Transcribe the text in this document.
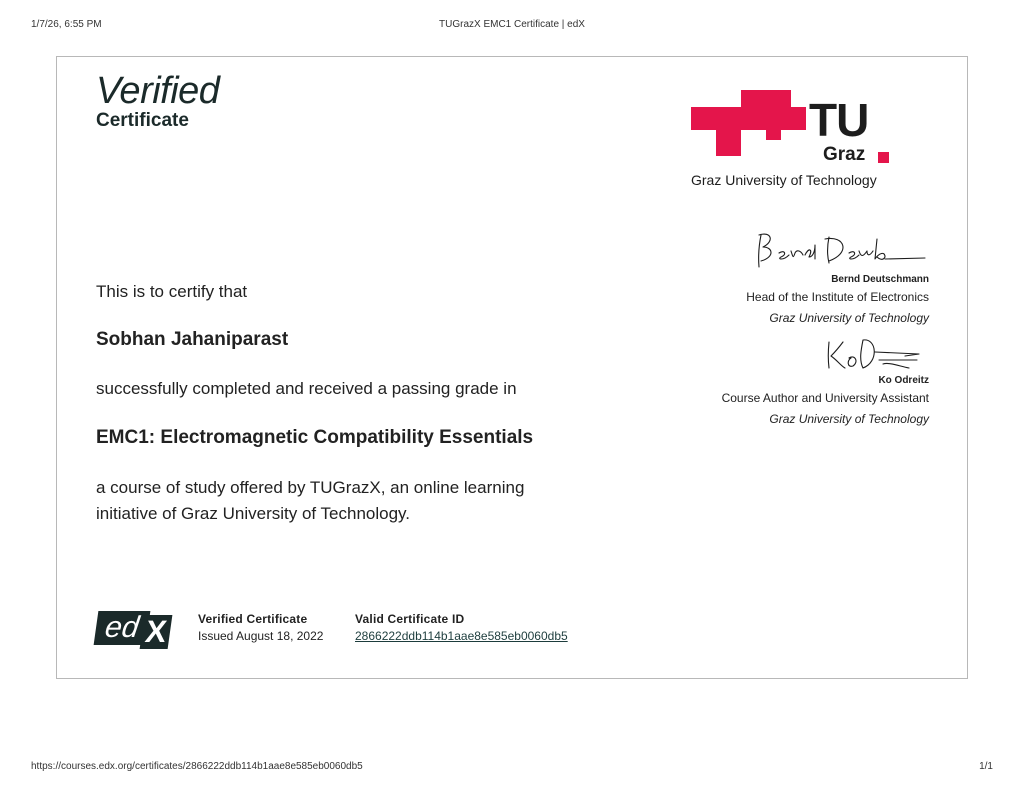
1/7/26, 6:55 PM	TUGrazX EMC1 Certificate | edX
Verified
Certificate	TU
Graz
Graz University of Technology
This is to certify that
Sobhan Jahaniparast
successfully completed and received a passing grade in
EMC1: Electromagnetic Compatibility Essentials
a course of study offered by TUGrazX, an online learning
initiative of Graz University of Technology.
Bernd Deutschmann
Head of the Institute of Electronics
Graz University of Technology
Ko Odreitz
Course Author and University Assistant
Graz University of Technology
ed X Verified Certificate
Issued August 18, 2022
Valid Certificate ID
2866222ddb114b1aae8e585eb0060db5
https://courses.edx.org/certificates/2866222ddb114b1aae8e585eb0060db5	1/1
